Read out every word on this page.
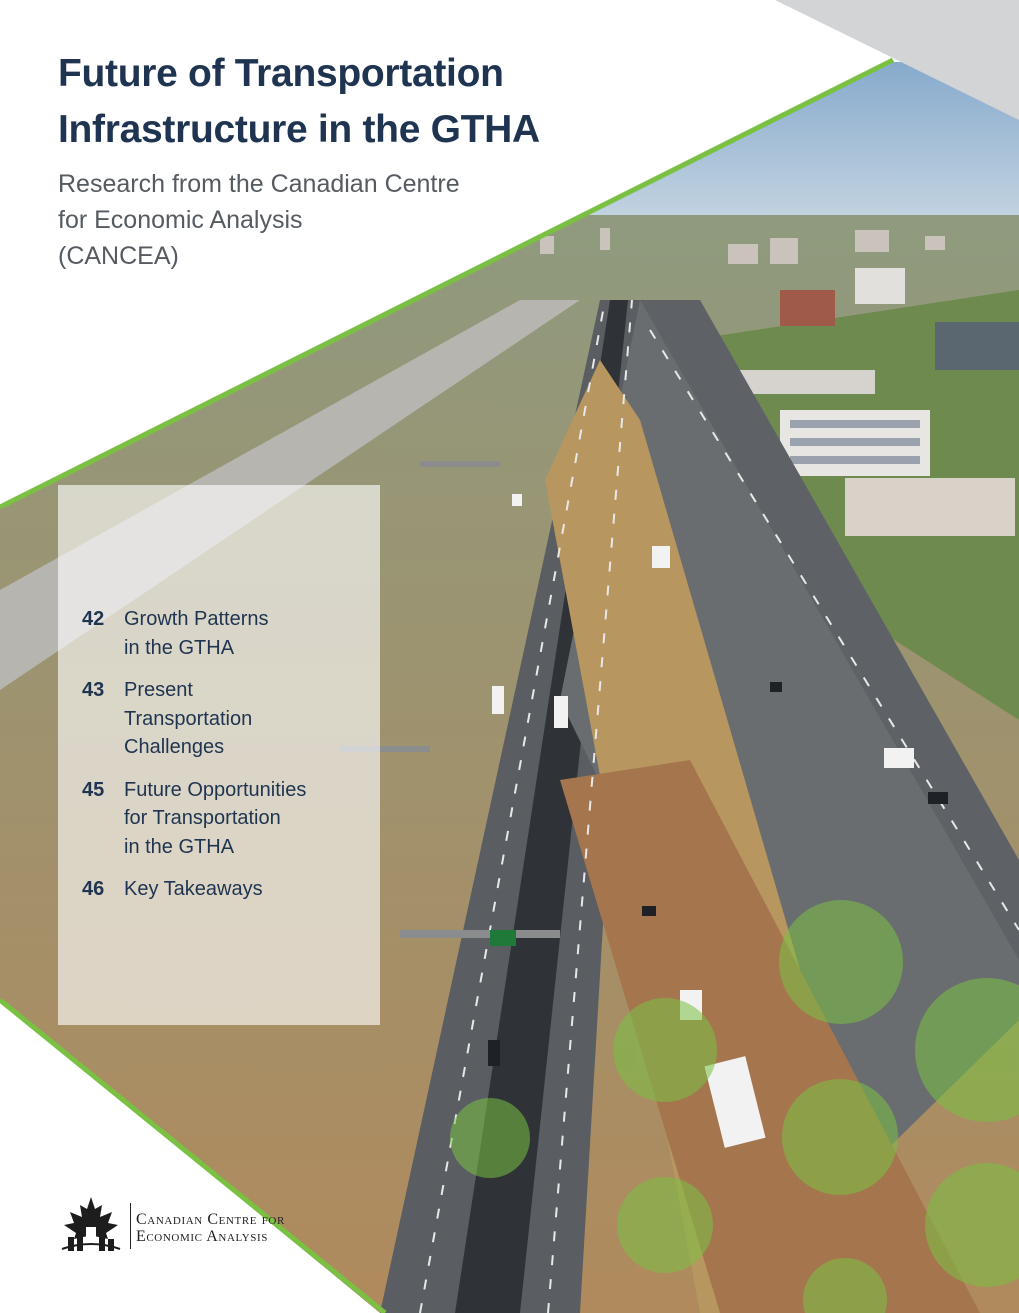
Future of Transportation
Infrastructure in the GTHA
Research from the Canadian Centre
for Economic Analysis
(CANCEA)
42 Growth Patterns
in the GTHA
43 Present
Transportation
Challenges
45 Future Opportunities
for Transportation
in the GTHA
46 Key Takeaways
Canadian Centre for
Economic Analysis
